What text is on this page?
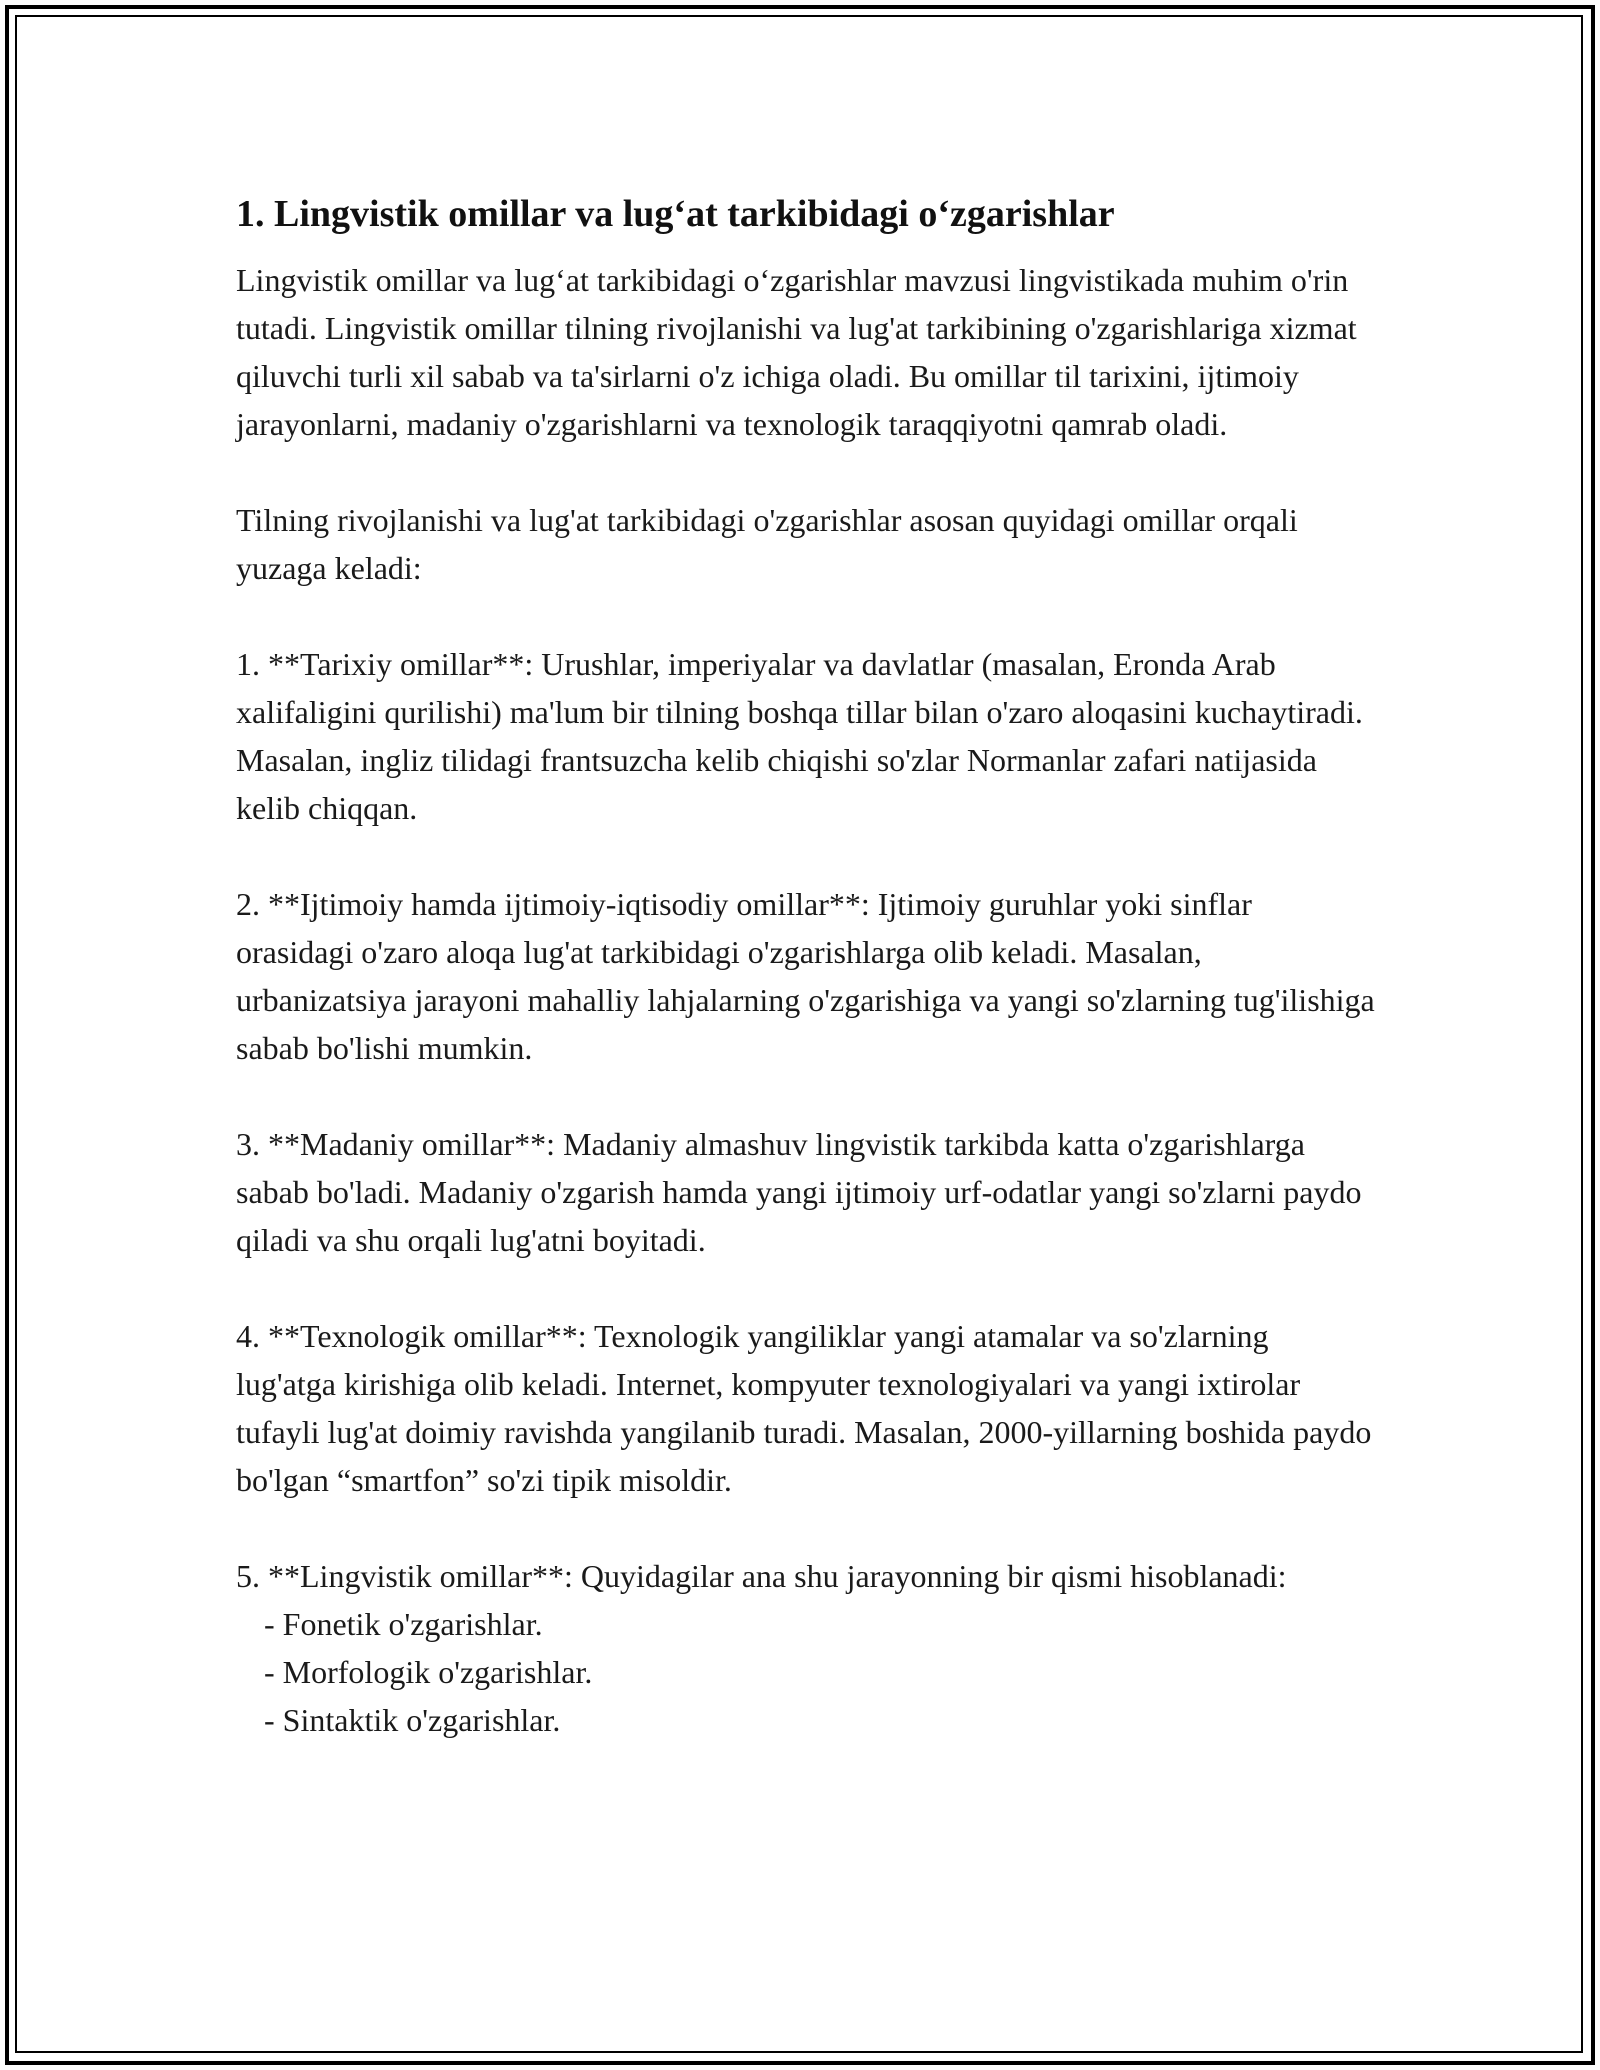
1. Lingvistik omillar va lug‘at tarkibidagi o‘zgarishlar

Lingvistik omillar va lug‘at tarkibidagi o‘zgarishlar mavzusi lingvistikada muhim o'rin tutadi. Lingvistik omillar tilning rivojlanishi va lug'at tarkibining o'zgarishlariga xizmat qiluvchi turli xil sabab va ta'sirlarni o'z ichiga oladi. Bu omillar til tarixini, ijtimoiy jarayonlarni, madaniy o'zgarishlarni va texnologik taraqqiyotni qamrab oladi.

Tilning rivojlanishi va lug'at tarkibidagi o'zgarishlar asosan quyidagi omillar orqali yuzaga keladi:

1. **Tarixiy omillar**: Urushlar, imperiyalar va davlatlar (masalan, Eronda Arab xalifaligini qurilishi) ma'lum bir tilning boshqa tillar bilan o'zaro aloqasini kuchaytiradi. Masalan, ingliz tilidagi frantsuzcha kelib chiqishi so'zlar Normanlar zafari natijasida kelib chiqqan.

2. **Ijtimoiy hamda ijtimoiy-iqtisodiy omillar**: Ijtimoiy guruhlar yoki sinflar orasidagi o'zaro aloqa lug'at tarkibidagi o'zgarishlarga olib keladi. Masalan, urbanizatsiya jarayoni mahalliy lahjalarning o'zgarishiga va yangi so'zlarning tug'ilishiga sabab bo'lishi mumkin.

3. **Madaniy omillar**: Madaniy almashuv lingvistik tarkibda katta o'zgarishlarga sabab bo'ladi. Madaniy o'zgarish hamda yangi ijtimoiy urf-odatlar yangi so'zlarni paydo qiladi va shu orqali lug'atni boyitadi.

4. **Texnologik omillar**: Texnologik yangiliklar yangi atamalar va so'zlarning lug'atga kirishiga olib keladi. Internet, kompyuter texnologiyalari va yangi ixtirolar tufayli lug'at doimiy ravishda yangilanib turadi. Masalan, 2000-yillarning boshida paydo bo'lgan “smartfon” so'zi tipik misoldir.

5. **Lingvistik omillar**: Quyidagilar ana shu jarayonning bir qismi hisoblanadi:

- Fonetik o'zgarishlar.

- Morfologik o'zgarishlar.

- Sintaktik o'zgarishlar.
